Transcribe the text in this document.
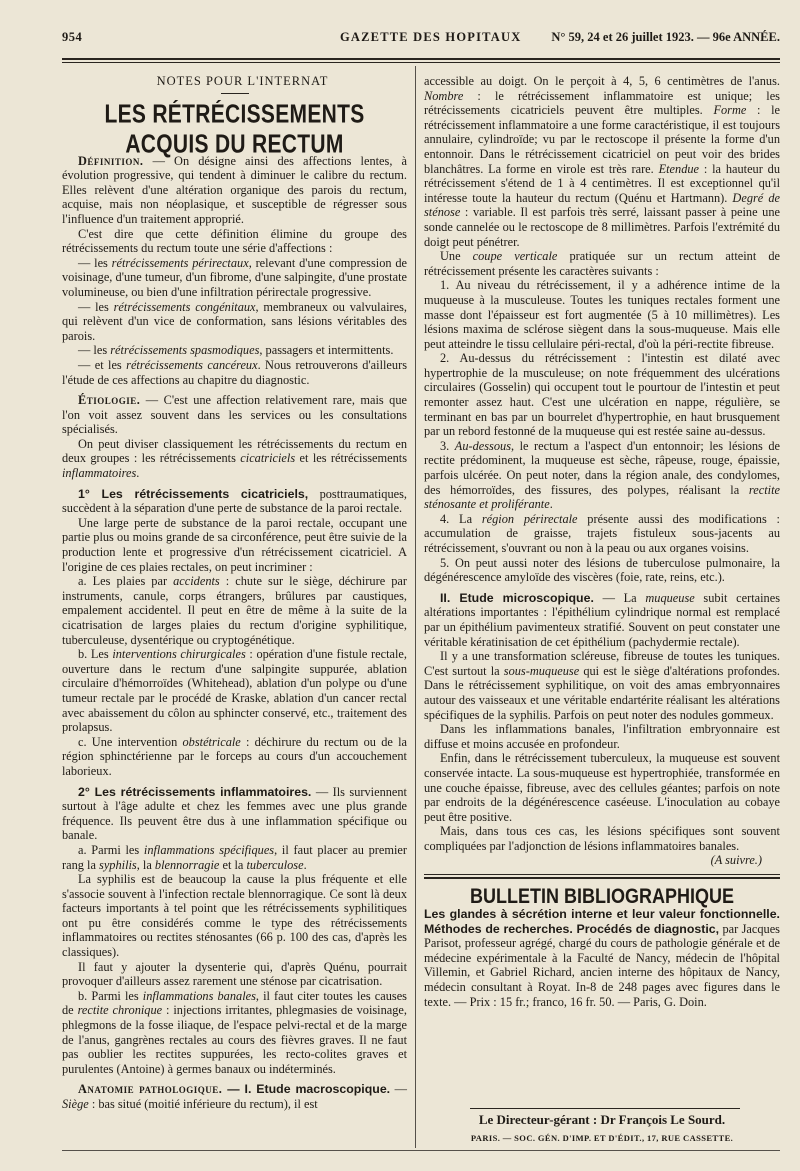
954	GAZETTE DES HOPITAUX N° 59, 24 et 26 juillet 1923. — 96e ANNÉE.

NOTES POUR L'INTERNAT

LES RÉTRÉCISSEMENTS ACQUIS DU RECTUM

Définition. — On désigne ainsi des affections lentes, à évolution progressive, qui tendent à diminuer le calibre du rectum. Elles relèvent d'une altération organique des parois du rectum, acquise, mais non néoplasique, et susceptible de régresser sous l'influence d'un traitement approprié.

C'est dire que cette définition élimine du groupe des rétrécissements du rectum toute une série d'affections :

— les rétrécissements périrectaux, relevant d'une compression de voisinage, d'une tumeur, d'un fibrome, d'une salpingite, d'une prostate volumineuse, ou bien d'une infiltration périrectale progressive.

— les rétrécissements congénitaux, membraneux ou valvulaires, qui relèvent d'un vice de conformation, sans lésions véritables des parois.

— les rétrécissements spasmodiques, passagers et intermittents.

— et les rétrécissements cancéreux. Nous retrouverons d'ailleurs l'étude de ces affections au chapitre du diagnostic.

Étiologie. — C'est une affection relativement rare, mais que l'on voit assez souvent dans les services ou les consultations spécialisés.

On peut diviser classiquement les rétrécissements du rectum en deux groupes : les rétrécissements cicatriciels et les rétrécissements inflammatoires.

1° Les rétrécissements cicatriciels, posttraumatiques, succèdent à la séparation d'une perte de substance de la paroi rectale.

Une large perte de substance de la paroi rectale, occupant une partie plus ou moins grande de sa circonférence, peut être suivie de la production lente et progressive d'un rétrécissement cicatriciel. A l'origine de ces plaies rectales, on peut incriminer :

a. Les plaies par accidents : chute sur le siège, déchirure par instruments, canule, corps étrangers, brûlures par caustiques, empalement accidentel. Il peut en être de même à la suite de la cicatrisation de larges plaies du rectum d'origine syphilitique, tuberculeuse, dysentérique ou cryptogénétique.

b. Les interventions chirurgicales : opération d'une fistule rectale, ouverture dans le rectum d'une salpingite suppurée, ablation circulaire d'hémorroïdes (Whitehead), ablation d'un polype ou d'une tumeur rectale par le procédé de Kraske, ablation d'un cancer rectal avec abaissement du côlon au sphincter conservé, etc., traitement des prolapsus.

c. Une intervention obstétricale : déchirure du rectum ou de la région sphinctérienne par le forceps au cours d'un accouchement laborieux.

2° Les rétrécissements inflammatoires. — Ils surviennent surtout à l'âge adulte et chez les femmes avec une plus grande fréquence. Ils peuvent être dus à une inflammation spécifique ou banale.

a. Parmi les inflammations spécifiques, il faut placer au premier rang la syphilis, la blennorragie et la tuberculose.

La syphilis est de beaucoup la cause la plus fréquente et elle s'associe souvent à l'infection rectale blennorragique. Ce sont là deux facteurs importants à tel point que les rétrécissements syphilitiques ont pu être considérés comme le type des rétrécissements inflammatoires ou rectites sténosantes (66 p. 100 des cas, d'après les classiques).

Il faut y ajouter la dysenterie qui, d'après Quénu, pourrait provoquer d'ailleurs assez rarement une sténose par cicatrisation.

b. Parmi les inflammations banales, il faut citer toutes les causes de rectite chronique : injections irritantes, phlegmasies de voisinage, phlegmons de la fosse iliaque, de l'espace pelvi-rectal et de la marge de l'anus, gangrènes rectales au cours des fièvres graves. Il ne faut pas oublier les rectites suppurées, les recto-colites graves et purulentes (Antoine) à germes banaux ou indéterminés.

Anatomie pathologique. — I. Etude macroscopique. — Siège : bas situé (moitié inférieure du rectum), il est

accessible au doigt. On le perçoit à 4, 5, 6 centimètres de l'anus. Nombre : le rétrécissement inflammatoire est unique; les rétrécissements cicatriciels peuvent être multiples. Forme : le rétrécissement inflammatoire a une forme caractéristique, il est toujours annulaire, cylindroïde; vu par le rectoscope il présente la forme d'un entonnoir. Dans le rétrécissement cicatriciel on peut voir des brides blanchâtres. La forme en virole est très rare. Etendue : la hauteur du rétrécissement s'étend de 1 à 4 centimètres. Il est exceptionnel qu'il intéresse toute la hauteur du rectum (Quénu et Hartmann). Degré de sténose : variable. Il est parfois très serré, laissant passer à peine une sonde cannelée ou le rectoscope de 8 millimètres. Parfois l'extrémité du doigt peut pénétrer.

Une coupe verticale pratiquée sur un rectum atteint de rétrécissement présente les caractères suivants :

1. Au niveau du rétrécissement, il y a adhérence intime de la muqueuse à la musculeuse. Toutes les tuniques rectales forment une masse dont l'épaisseur est fort augmentée (5 à 10 millimètres). Les lésions maxima de sclérose siègent dans la sous-muqueuse. Mais elle peut atteindre le tissu cellulaire péri-rectal, d'où la péri-rectite fibreuse.

2. Au-dessus du rétrécissement : l'intestin est dilaté avec hypertrophie de la musculeuse; on note fréquemment des ulcérations circulaires (Gosselin) qui occupent tout le pourtour de l'intestin et peut remonter assez haut. C'est une ulcération en nappe, régulière, se terminant en bas par un bourrelet d'hypertrophie, en haut brusquement par un rebord festonné de la muqueuse qui est restée saine au-dessus.

3. Au-dessous, le rectum a l'aspect d'un entonnoir; les lésions de rectite prédominent, la muqueuse est sèche, râpeuse, rouge, épaissie, parfois ulcérée. On peut noter, dans la région anale, des condylomes, des hémorroïdes, des fissures, des polypes, réalisant la rectite sténosante et proliférante.

4. La région périrectale présente aussi des modifications : accumulation de graisse, trajets fistuleux sous-jacents au rétrécissement, s'ouvrant ou non à la peau ou aux organes voisins.

5. On peut aussi noter des lésions de tuberculose pulmonaire, la dégénérescence amyloïde des viscères (foie, rate, reins, etc.).

II. Etude microscopique. — La muqueuse subit certaines altérations importantes : l'épithélium cylindrique normal est remplacé par un épithélium pavimenteux stratifié. Souvent on peut constater une véritable kératinisation de cet épithélium (pachydermie rectale).

Il y a une transformation scléreuse, fibreuse de toutes les tuniques. C'est surtout la sous-muqueuse qui est le siège d'altérations profondes. Dans le rétrécissement syphilitique, on voit des amas embryonnaires autour des vaisseaux et une véritable endartérite réalisant les altérations spécifiques de la syphilis. Parfois on peut noter des nodules gommeux.

Dans les inflammations banales, l'infiltration embryonnaire est diffuse et moins accusée en profondeur.

Enfin, dans le rétrécissement tuberculeux, la muqueuse est souvent conservée intacte. La sous-muqueuse est hypertrophiée, transformée en une couche épaisse, fibreuse, avec des cellules géantes; parfois on note par endroits de la dégénérescence caséeuse. L'inoculation au cobaye peut être positive.

Mais, dans tous ces cas, les lésions spécifiques sont souvent compliquées par l'adjonction de lésions inflammatoires banales.

(A suivre.)

BULLETIN BIBLIOGRAPHIQUE

Les glandes à sécrétion interne et leur valeur fonctionnelle. Méthodes de recherches. Procédés de diagnostic, par Jacques Parisot, professeur agrégé, chargé du cours de pathologie générale et de médecine expérimentale à la Faculté de Nancy, médecin de l'hôpital Villemin, et Gabriel Richard, ancien interne des hôpitaux de Nancy, médecin consultant à Royat. In-8 de 248 pages avec figures dans le texte. — Prix : 15 fr.; franco, 16 fr. 50. — Paris, G. Doin.

Le Directeur-gérant : Dr François Le Sourd.
PARIS. — SOC. GÉN. D'IMP. ET D'ÉDIT., 17, RUE CASSETTE.
